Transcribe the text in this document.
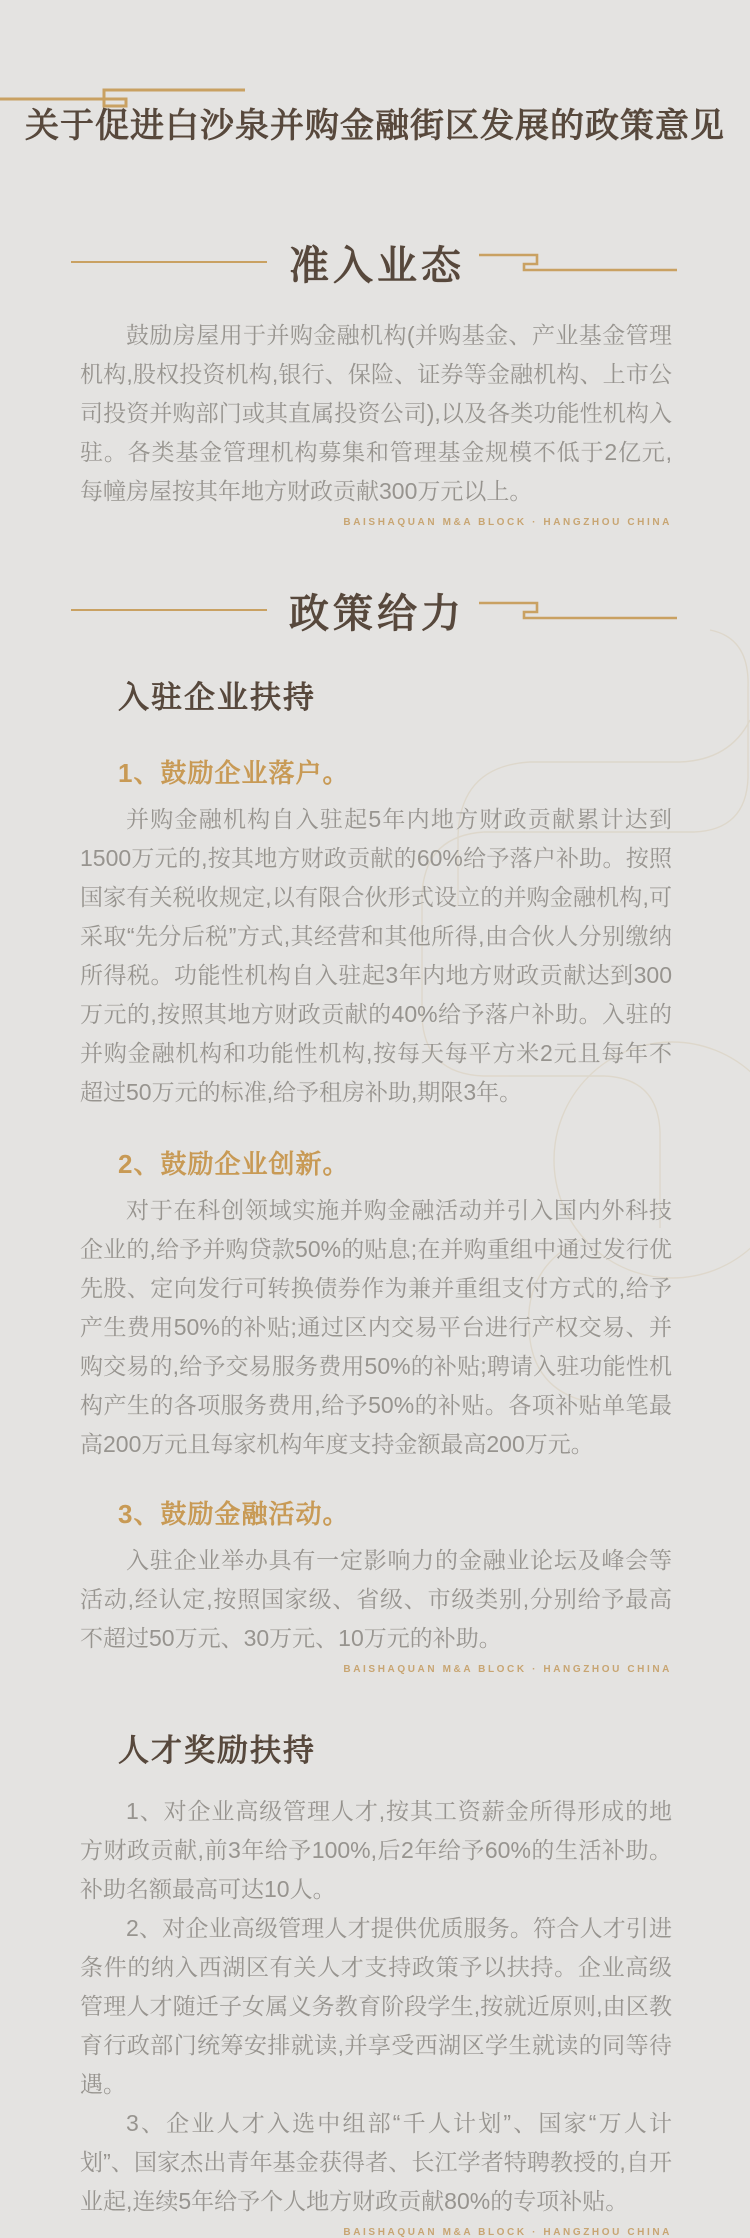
关于促进白沙泉并购金融街区发展的政策意见
准入业态

鼓励房屋用于并购金融机构(并购基金、产业基金管理机构,股权投资机构,银行、保险、证券等金融机构、上市公司投资并购部门或其直属投资公司),以及各类功能性机构入驻。各类基金管理机构募集和管理基金规模不低于2亿元,每幢房屋按其年地方财政贡献300万元以上。

BAISHAQUAN M&A BLOCK · HANGZHOU CHINA
政策给力
入驻企业扶持
1、鼓励企业落户。

并购金融机构自入驻起5年内地方财政贡献累计达到1500万元的,按其地方财政贡献的60%给予落户补助。按照国家有关税收规定,以有限合伙形式设立的并购金融机构,可采取“先分后税”方式,其经营和其他所得,由合伙人分别缴纳所得税。功能性机构自入驻起3年内地方财政贡献达到300万元的,按照其地方财政贡献的40%给予落户补助。入驻的并购金融机构和功能性机构,按每天每平方米2元且每年不超过50万元的标准,给予租房补助,期限3年。

2、鼓励企业创新。

对于在科创领域实施并购金融活动并引入国内外科技企业的,给予并购贷款50%的贴息;在并购重组中通过发行优先股、定向发行可转换债券作为兼并重组支付方式的,给予产生费用50%的补贴;通过区内交易平台进行产权交易、并购交易的,给予交易服务费用50%的补贴;聘请入驻功能性机构产生的各项服务费用,给予50%的补贴。各项补贴单笔最高200万元且每家机构年度支持金额最高200万元。

3、鼓励金融活动。

入驻企业举办具有一定影响力的金融业论坛及峰会等活动,经认定,按照国家级、省级、市级类别,分别给予最高不超过50万元、30万元、10万元的补助。

BAISHAQUAN M&A BLOCK · HANGZHOU CHINA
人才奖励扶持

1、对企业高级管理人才,按其工资薪金所得形成的地方财政贡献,前3年给予100%,后2年给予60%的生活补助。补助名额最高可达10人。

2、对企业高级管理人才提供优质服务。符合人才引进条件的纳入西湖区有关人才支持政策予以扶持。企业高级管理人才随迁子女属义务教育阶段学生,按就近原则,由区教育行政部门统筹安排就读,并享受西湖区学生就读的同等待遇。

3、企业人才入选中组部“千人计划”、国家“万人计划”、国家杰出青年基金获得者、长江学者特聘教授的,自开业起,连续5年给予个人地方财政贡献80%的专项补贴。

BAISHAQUAN M&A BLOCK · HANGZHOU CHINA
